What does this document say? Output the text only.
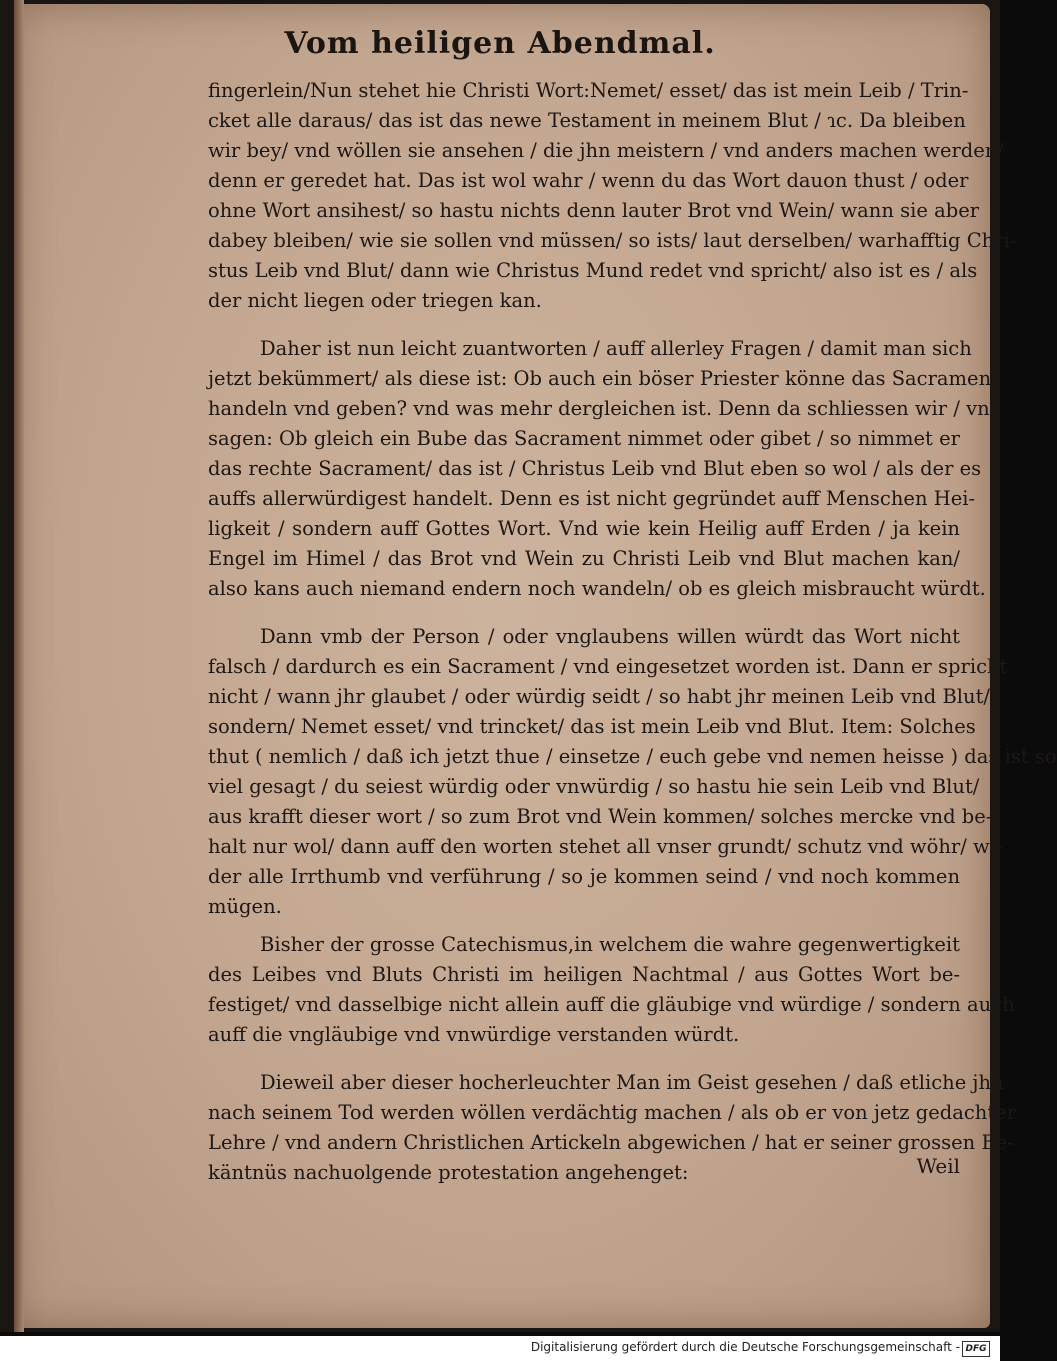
Vom heiligen Abendmal.
fingerlein/Nun stehet hie Christi Wort:Nemet/ esset/ das ist mein Leib / Trin-
cket alle daraus/ das ist das newe Testament in meinem Blut / ɿc. Da bleiben
wir bey/ vnd wöllen sie ansehen / die jhn meistern / vnd anders machen werden/
denn er geredet hat. Das ist wol wahr / wenn du das Wort dauon thust / oder
ohne Wort ansihest/ so hastu nichts denn lauter Brot vnd Wein/ wann sie aber
dabey bleiben/ wie sie sollen vnd müssen/ so ists/ laut derselben/ warhafftig Chri-
stus Leib vnd Blut/ dann wie Christus Mund redet vnd spricht/ also ist es / als
der nicht liegen oder triegen kan.
Daher ist nun leicht zuantworten / auff allerley Fragen / damit man sich
jetzt bekümmert/ als diese ist: Ob auch ein böser Priester könne das Sacrament
handeln vnd geben? vnd was mehr dergleichen ist. Denn da schliessen wir / vnd
sagen: Ob gleich ein Bube das Sacrament nimmet oder gibet / so nimmet er
das rechte Sacrament/ das ist / Christus Leib vnd Blut eben so wol / als der es
auffs allerwürdigest handelt. Denn es ist nicht gegründet auff Menschen Hei-
ligkeit / sondern auff Gottes Wort. Vnd wie kein Heilig auff Erden / ja kein
Engel im Himel / das Brot vnd Wein zu Christi Leib vnd Blut machen kan/
also kans auch niemand endern noch wandeln/ ob es gleich misbraucht würdt.
Dann vmb der Person / oder vnglaubens willen würdt das Wort nicht
falsch / dardurch es ein Sacrament / vnd eingesetzet worden ist. Dann er spricht
nicht / wann jhr glaubet / oder würdig seidt / so habt jhr meinen Leib vnd Blut/
sondern/ Nemet esset/ vnd trincket/ das ist mein Leib vnd Blut. Item: Solches
thut ( nemlich / daß ich jetzt thue / einsetze / euch gebe vnd nemen heisse ) das ist so
viel gesagt / du seiest würdig oder vnwürdig / so hastu hie sein Leib vnd Blut/
aus krafft dieser wort / so zum Brot vnd Wein kommen/ solches mercke vnd be-
halt nur wol/ dann auff den worten stehet all vnser grundt/ schutz vnd wöhr/ wi-
der alle Irrthumb vnd verführung / so je kommen seind / vnd noch kommen
mügen.
Bisher der grosse Catechismus,in welchem die wahre gegenwertigkeit
des Leibes vnd Bluts Christi im heiligen Nachtmal / aus Gottes Wort be-
festiget/ vnd dasselbige nicht allein auff die gläubige vnd würdige / sondern auch
auff die vngläubige vnd vnwürdige verstanden würdt.
Dieweil aber dieser hocherleuchter Man im Geist gesehen / daß etliche jhn
nach seinem Tod werden wöllen verdächtig machen / als ob er von jetz gedachter
Lehre / vnd andern Christlichen Artickeln abgewichen / hat er seiner grossen Be-
käntnüs nachuolgende protestation angehenget:	Weil
Digitalisierung gefördert durch die Deutsche Forschungsgemeinschaft - DFG
